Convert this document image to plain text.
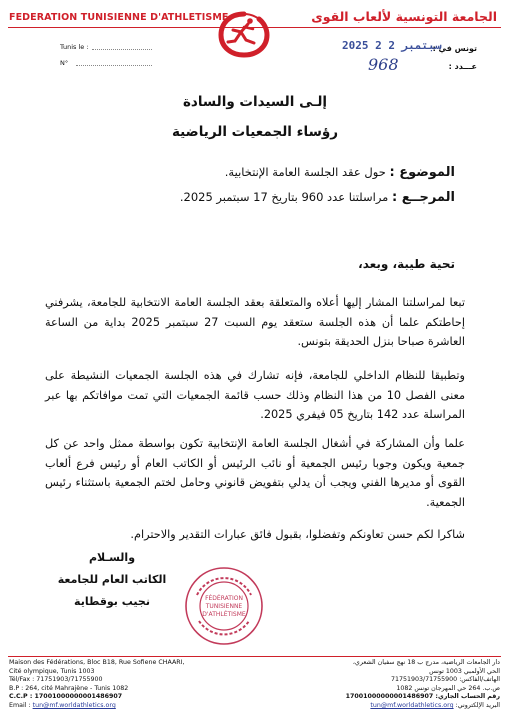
FEDERATION TUNISIENNE D'ATHLETISME	الجامعة التونسية لألعاب القوى
Tunis le :
N°
تونس في :
عـــدد :
2025 سبتمبر 2 2
968
إلـى السيدات والسادة
رؤساء الجمعيات الرياضية
الموضوع : حول عقد الجلسة العامة الإنتخابية.
المرجــع : مراسلتنا عدد 960 بتاريخ 17 سبتمبر 2025.
تحية طيبة، وبعد،
تبعا لمراسلتنا المشار إليها أعلاه والمتعلقة بعقد الجلسة العامة الانتخابية للجامعة، يشرفني إحاطتكم علما أن هذه الجلسة ستعقد يوم السبت 27 سبتمبر 2025 بداية من الساعة العاشرة صباحا بنزل الحديقة بتونس.
وتطبيقا للنظام الداخلي للجامعة، فإنه تشارك في هذه الجلسة الجمعيات النشيطة على معنى الفصل 10 من هذا النظام وذلك حسب قائمة الجمعيات التي تمت موافاتكم بها عبر المراسلة عدد 142 بتاريخ 05 فيفري 2025.
علما وأن المشاركة في أشغال الجلسة العامة الإنتخابية تكون بواسطة ممثل واحد عن كل جمعية ويكون وجوبا رئيس الجمعية أو نائب الرئيس أو الكاتب العام أو رئيس فرع ألعاب القوى أو مديرها الفني ويجب أن يدلي بتفويض قانوني وحامل لختم الجمعية باستثناء رئيس الجمعية.
شاكرا لكم حسن تعاونكم وتفضلوا، بقبول فائق عبارات التقدير والاحترام.
والسـلام
الكاتب العام للجامعة
نجيب بوقطاية	FÉDÉRATION
TUNISIENNE
D'ATHLÉTISME
Maison des Fédérations, Bloc B18, Rue Sofiene CHAARI,
Cité olympique, Tunis 1003
Tél/Fax : 71751903/71755900
B.P : 264, cité Mahrajène - Tunis 1082
C.C.P : 17001000000001486907
Email : tun@mf.worldathletics.org
دار الجامعات الرياضية، مدرج ب 18 نهج سفيان الشعري،
الحي الأولمبي 1003 تونس
الهاتف/الفاكس: 71751903/71755900
ص.ب. 264 حي المهرجان تونس 1082
رقم الحساب الجاري: 17001000000001486907
البريد الإلكتروني: tun@mf.worldathletics.org
